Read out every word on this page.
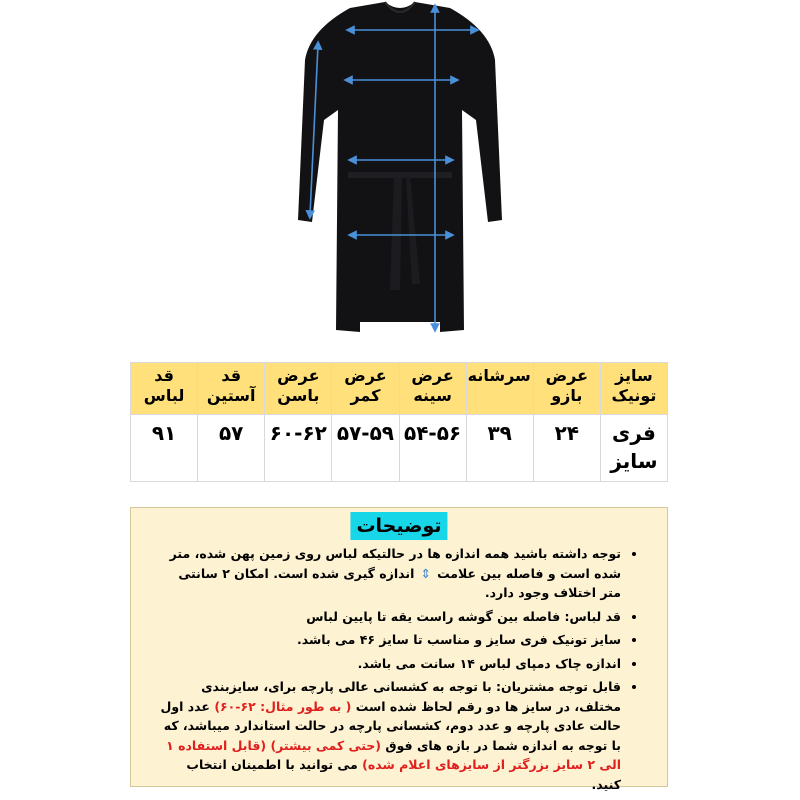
سایز تونیک	عرض بازو	سرشانه	عرض سینه	عرض کمر	عرض باسن	قد آستین	قد لباس
فری سایز	۲۴	۳۹	۵۴-۵۶	۵۷-۵۹	۶۰-۶۲	۵۷	۹۱
توضیحات
• توجه داشته باشید همه اندازه ها در حالتیکه لباس روی زمین پهن شده، متر شده است و فاصله بین علامت ⇕ اندازه گیری شده است. امکان ۲ سانتی متر اختلاف وجود دارد.
• قد لباس: فاصله بین گوشه راست یقه تا پایین لباس
• سایز تونیک فری سایز و مناسب تا سایز ۴۶ می باشد.
• اندازه چاک دمپای لباس ۱۴ سانت می باشد.
• قابل توجه مشتریان: با توجه به کشسانی عالی پارچه برای، سایزبندی مختلف، در سایز ها دو رقم لحاظ شده است ( به طور مثال: ۶۲-۶۰) عدد اول حالت عادی پارچه و عدد دوم، کشسانی پارچه در حالت استاندارد میباشد، که با توجه به اندازه شما در بازه های فوق (حتی کمی بیشتر) (قابل استفاده ۱ الی ۲ سایز بزرگتر از سایزهای اعلام شده) می توانید با اطمینان انتخاب کنید.
